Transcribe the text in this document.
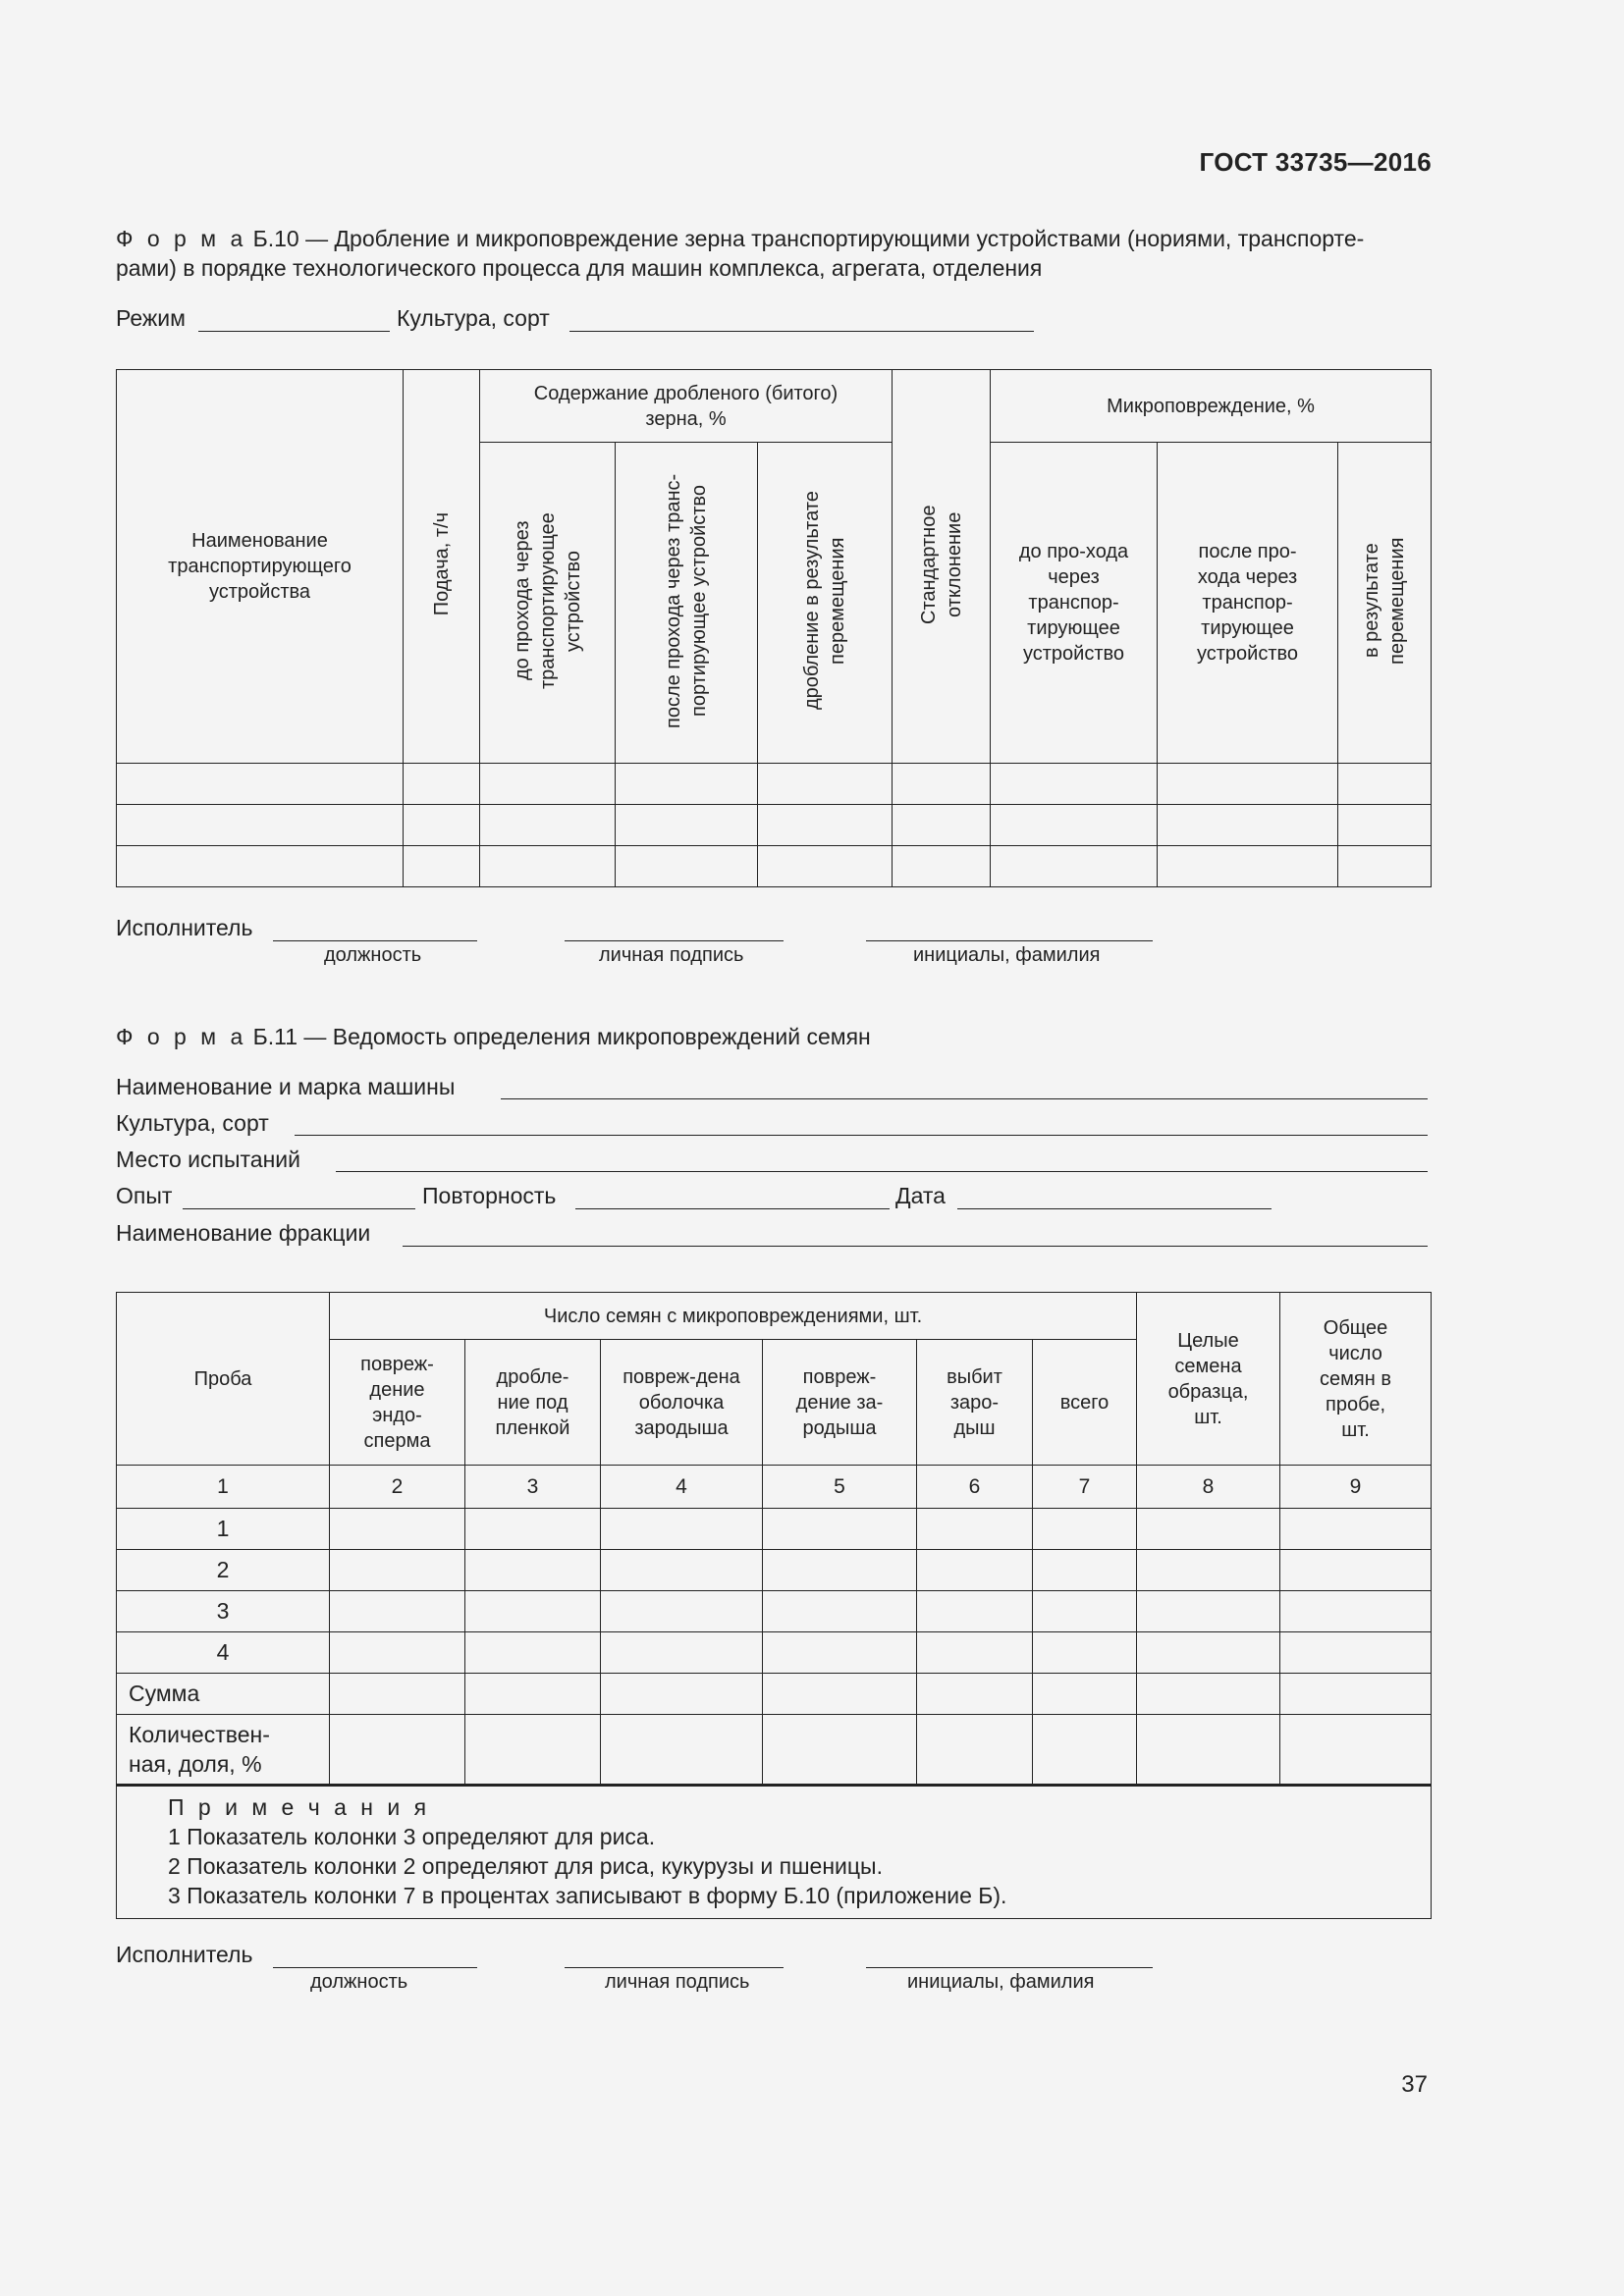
ГОСТ 33735—2016
Ф о р м а Б.10 — Дробление и микроповреждение зерна транспортирующими устройствами (нориями, транспорте-
рами) в порядке технологического процесса для машин комплекса, агрегата, отделения
Режим	Культура, сорт
Наименование транспортирующего устройства	Подача, т/ч	Содержание дробленого (битого) зерна, %			Стандартное отклонение	Микроповреждение, %		
		до прохода через транспортирующее устройство	после прохода через транс-портирующее устройство	дробление в результате перемещения		до про-хода через транспор-тирующее устройство	после про-хода через транспор-тирующее устройство	в результате перемещения

Исполнитель
должность	личная подпись	инициалы, фамилия
Ф о р м а Б.11 — Ведомость определения микроповреждений семян
Наименование и марка машины
Культура, сорт
Место испытаний
Опыт	Повторность	Дата
Наименование фракции
Проба	Число семян с микроповреждениями, шт.						Целые семена образца, шт.	Общее число семян в пробе, шт.

	повреж-дение эндо-сперма	дробле-ние под пленкой	повреж-дена оболочка зародыша	повреж-дение за-родыша	выбит заро-дыш	всего		
1	2	3	4	5	6	7	8	9
1								
2								
3								
4								
Сумма								

Количествен-ная, доля, %								

П р и м е ч а н и я
1 Показатель колонки 3 определяют для риса.
2 Показатель колонки 2 определяют для риса, кукурузы и пшеницы.
3 Показатель колонки 7 в процентах записывают в форму Б.10 (приложение Б).								
Исполнитель
должность	личная подпись	инициалы, фамилия
37
